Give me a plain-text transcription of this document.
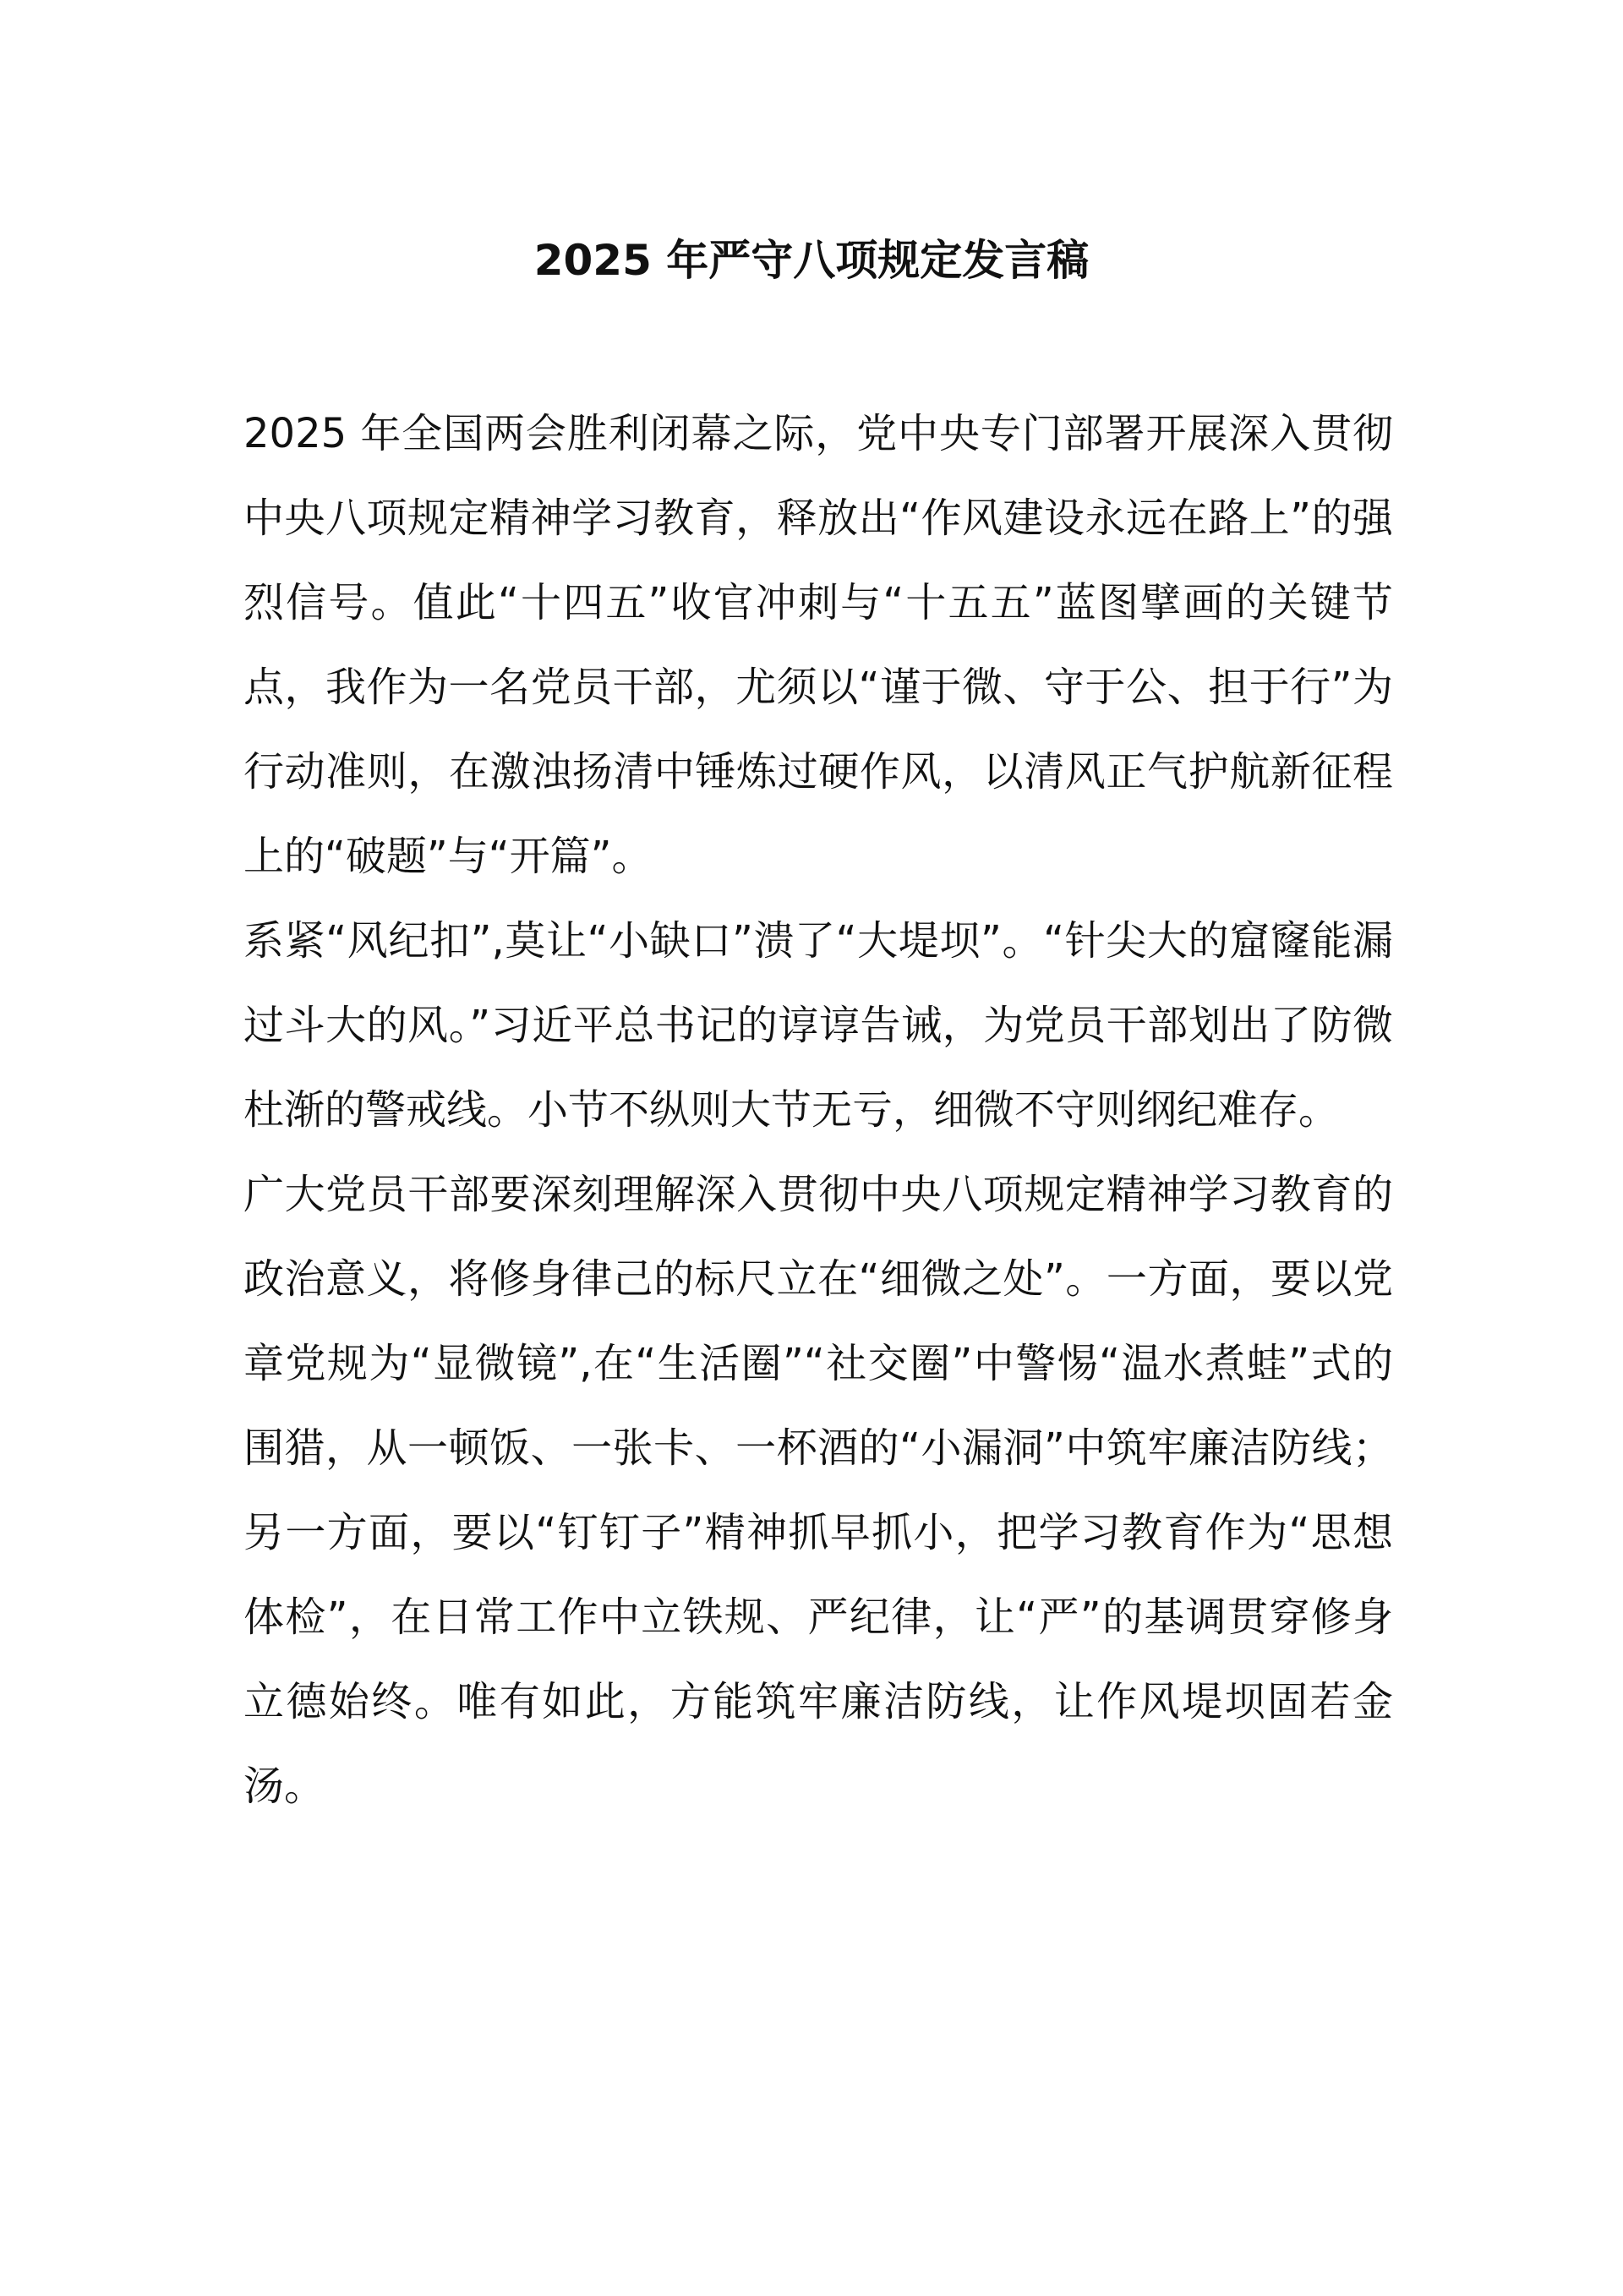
2025 年严守八项规定发言稿

2025 年全国两会胜利闭幕之际，党中央专门部署开展深入贯彻中央八项规定精神学习教育，释放出“作风建设永远在路上”的强烈信号。值此“十四五”收官冲刺与“十五五”蓝图擘画的关键节点，我作为一名党员干部，尤须以“谨于微、守于公、担于行”为行动准则，在激浊扬清中锤炼过硬作风，以清风正气护航新征程上的“破题”与“开篇”。

系紧“风纪扣”,莫让“小缺口”溃了“大堤坝”。“针尖大的窟窿能漏过斗大的风。”习近平总书记的谆谆告诫，为党员干部划出了防微杜渐的警戒线。小节不纵则大节无亏，细微不守则纲纪难存。

广大党员干部要深刻理解深入贯彻中央八项规定精神学习教育的政治意义，将修身律己的标尺立在“细微之处”。一方面，要以党章党规为“显微镜”,在“生活圈”“社交圈”中警惕“温水煮蛙”式的围猎，从一顿饭、一张卡、一杯酒的“小漏洞”中筑牢廉洁防线；另一方面，要以“钉钉子”精神抓早抓小，把学习教育作为“思想体检”，在日常工作中立铁规、严纪律，让“严”的基调贯穿修身立德始终。唯有如此，方能筑牢廉洁防线，让作风堤坝固若金汤。
